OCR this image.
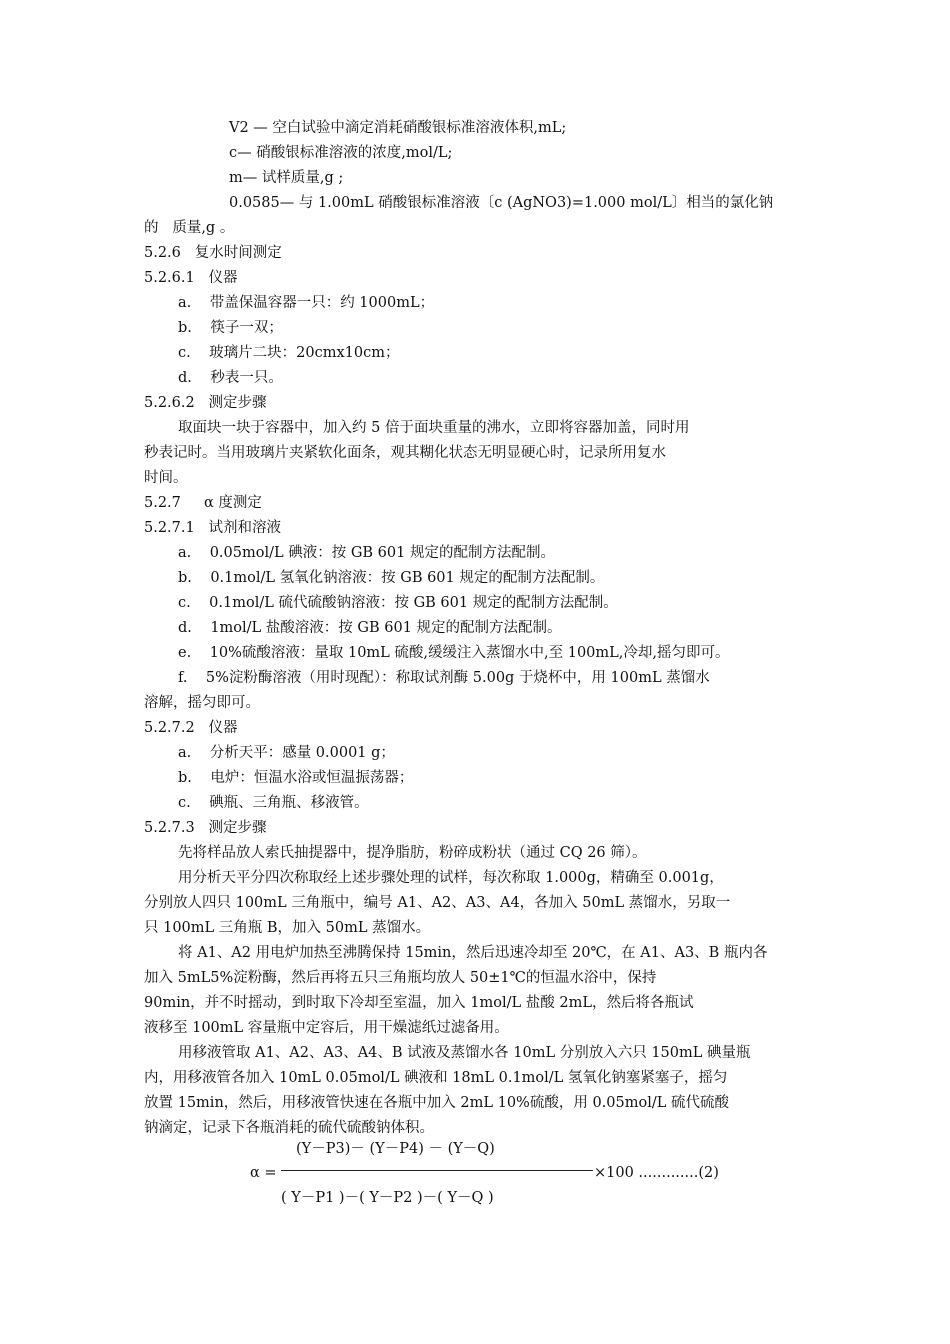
V2 — 空白试验中滴定消耗硝酸银标准溶液体积,mL;
c— 硝酸银标准溶液的浓度,mol/L;
m— 试样质量,g ;
0.0585— 与 1.00mL 硝酸银标准溶液〔c (AgNO3)=1.000 mol/L〕相当的氯化钠
的   质量,g 。
5.2.6   复水时间测定
5.2.6.1   仪器
a.    带盖保温容器一只：约 1000mL；
b.    筷子一双；
c.    玻璃片二块：20cmx10cm；
d.    秒表一只。
5.2.6.2   测定步骤
取面块一块于容器中，加入约 5 倍于面块重量的沸水，立即将容器加盖，同时用
秒表记时。当用玻璃片夹紧软化面条，观其糊化状态无明显硬心时，记录所用复水
时间。
5.2.7     α 度测定
5.2.7.1   试剂和溶液
a.    0.05mol/L 碘液：按 GB 601 规定的配制方法配制。
b.    0.1mol/L 氢氧化钠溶液：按 GB 601 规定的配制方法配制。
c.    0.1mol/L 硫代硫酸钠溶液：按 GB 601 规定的配制方法配制。
d.    1mol/L 盐酸溶液：按 GB 601 规定的配制方法配制。
e.    10%硫酸溶液：量取 10mL 硫酸,缓缓注入蒸馏水中,至 100mL,冷却,摇匀即可。
f.    5%淀粉酶溶液（用时现配）：称取试剂酶 5.00g 于烧杯中，用 100mL 蒸馏水
溶解，摇匀即可。
5.2.7.2   仪器
a.    分析天平：感量 0.0001 g；
b.    电炉：恒温水浴或恒温振荡器；
c.    碘瓶、三角瓶、移液管。
5.2.7.3   测定步骤
先将样品放人索氏抽提器中，提净脂肪，粉碎成粉状（通过 CQ 26 筛）。
用分析天平分四次称取经上述步骤处理的试样，每次称取 1.000g，精确至 0.001g，
分别放人四只 100mL 三角瓶中，编号 A1、A2、A3、A4，各加入 50mL 蒸馏水，另取一
只 100mL 三角瓶 B，加入 50mL 蒸馏水。
将 A1、A2 用电炉加热至沸腾保持 15min，然后迅速冷却至 20℃，在 A1、A3、B 瓶内各
加入 5mL5%淀粉酶，然后再将五只三角瓶均放人 50±1℃的恒温水浴中，保持
90min，并不时摇动，到时取下冷却至室温，加入 1mol/L 盐酸 2mL，然后将各瓶试
液移至 100mL 容量瓶中定容后，用干燥滤纸过滤备用。
用移液管取 A1、A2、A3、A4、B 试液及蒸馏水各 10mL 分别放入六只 150mL 碘量瓶
内，用移液管各加入 10mL 0.05mol/L 碘液和 18mL 0.1mol/L 氢氧化钠塞紧塞子，摇匀
放置 15min，然后，用移液管快速在各瓶中加入 2mL 10%硫酸，用 0.05mol/L 硫代硫酸
钠滴定，记录下各瓶消耗的硫代硫酸钠体积。
(Y－P3)－ (Y－P4) － (Y－Q)
α =	×100 .............(2)
( Y－P1 )－( Y－P2 )－( Y－Q )
